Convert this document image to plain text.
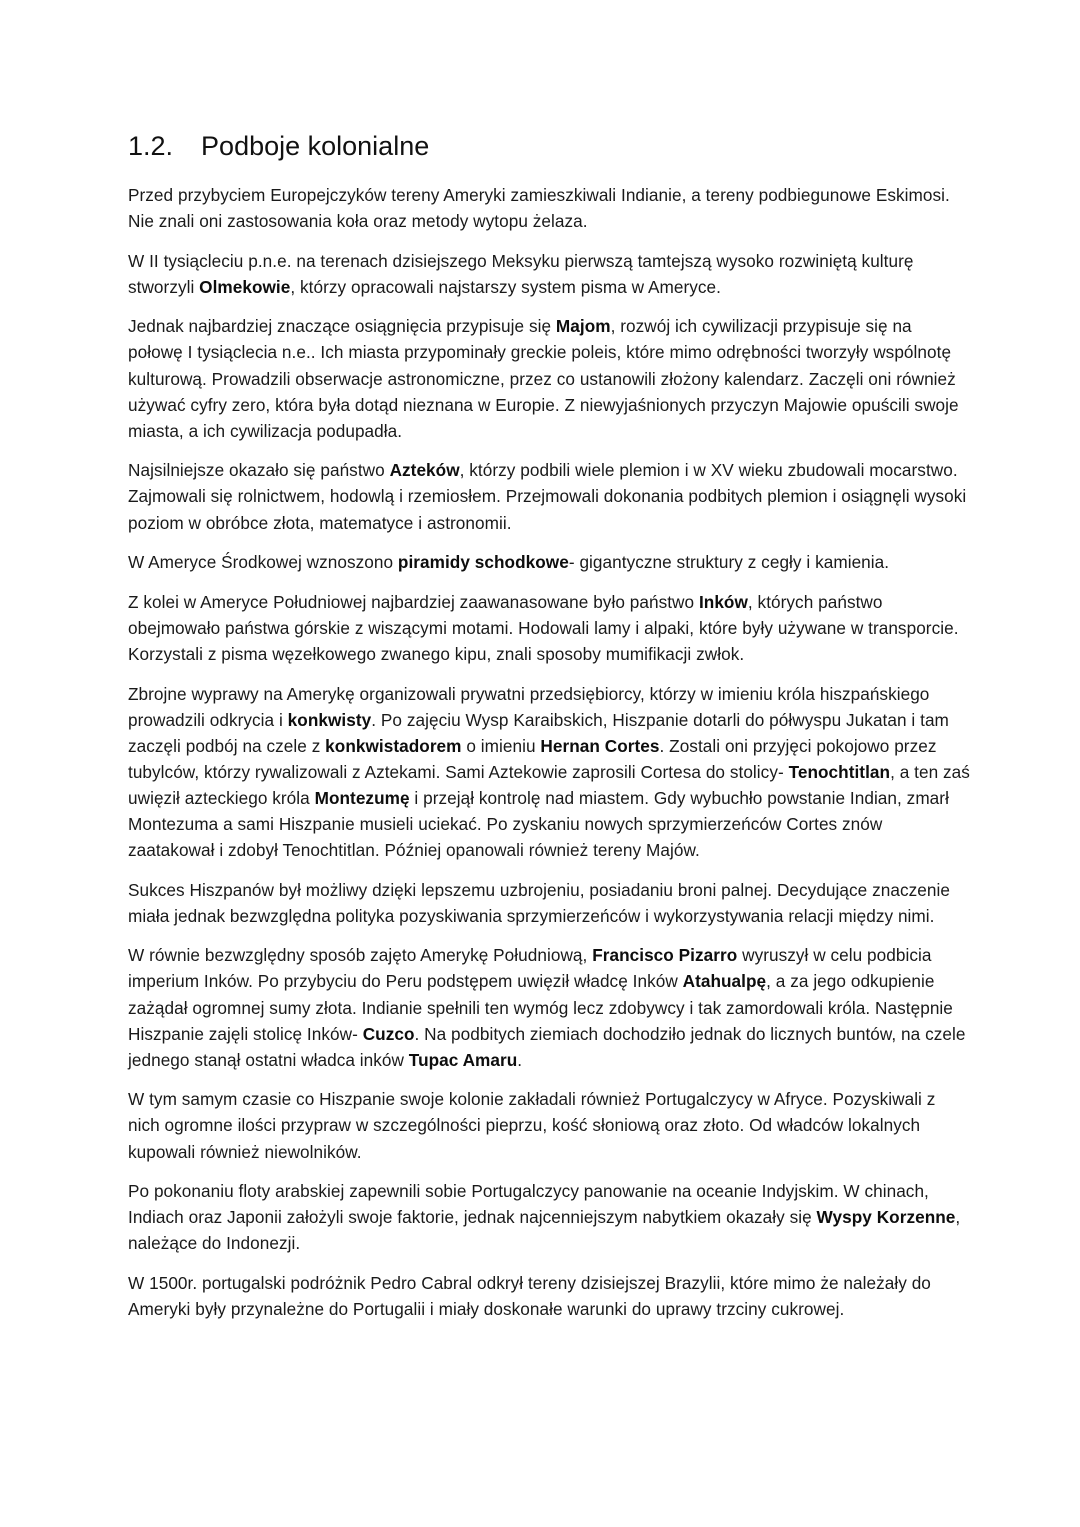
1.2. Podboje kolonialne

Przed przybyciem Europejczyków tereny Ameryki zamieszkiwali Indianie, a tereny podbiegunowe Eskimosi. Nie znali oni zastosowania koła oraz metody wytopu żelaza.

W II tysiącleciu p.n.e. na terenach dzisiejszego Meksyku pierwszą tamtejszą wysoko rozwiniętą kulturę stworzyli Olmekowie, którzy opracowali najstarszy system pisma w Ameryce.

Jednak najbardziej znaczące osiągnięcia przypisuje się Majom, rozwój ich cywilizacji przypisuje się na połowę I tysiąclecia n.e.. Ich miasta przypominały greckie poleis, które mimo odrębności tworzyły wspólnotę kulturową. Prowadzili obserwacje astronomiczne, przez co ustanowili złożony kalendarz. Zaczęli oni również używać cyfry zero, która była dotąd nieznana w Europie. Z niewyjaśnionych przyczyn Majowie opuścili swoje miasta, a ich cywilizacja podupadła.

Najsilniejsze okazało się państwo Azteków, którzy podbili wiele plemion i w XV wieku zbudowali mocarstwo. Zajmowali się rolnictwem, hodowlą i rzemiosłem. Przejmowali dokonania podbitych plemion i osiągnęli wysoki poziom w obróbce złota, matematyce i astronomii.

W Ameryce Środkowej wznoszono piramidy schodkowe- gigantyczne struktury z cegły i kamienia.

Z kolei w Ameryce Południowej najbardziej zaawanasowane było państwo Inków, których państwo obejmowało państwa górskie z wiszącymi motami. Hodowali lamy i alpaki, które były używane w transporcie. Korzystali z pisma węzełkowego zwanego kipu, znali sposoby mumifikacji zwłok.

Zbrojne wyprawy na Amerykę organizowali prywatni przedsiębiorcy, którzy w imieniu króla hiszpańskiego prowadzili odkrycia i konkwisty. Po zajęciu Wysp Karaibskich, Hiszpanie dotarli do półwyspu Jukatan i tam zaczęli podbój na czele z konkwistadorem o imieniu Hernan Cortes. Zostali oni przyjęci pokojowo przez tubylców, którzy rywalizowali z Aztekami. Sami Aztekowie zaprosili Cortesa do stolicy- Tenochtitlan, a ten zaś uwięził azteckiego króla Montezumę i przejął kontrolę nad miastem. Gdy wybuchło powstanie Indian, zmarł Montezuma a sami Hiszpanie musieli uciekać. Po zyskaniu nowych sprzymierzeńców Cortes znów zaatakował i zdobył Tenochtitlan. Później opanowali również tereny Majów.

Sukces Hiszpanów był możliwy dzięki lepszemu uzbrojeniu, posiadaniu broni palnej. Decydujące znaczenie miała jednak bezwzględna polityka pozyskiwania sprzymierzeńców i wykorzystywania relacji między nimi.

W równie bezwzględny sposób zajęto Amerykę Południową, Francisco Pizarro wyruszył w celu podbicia imperium Inków. Po przybyciu do Peru podstępem uwięził władcę Inków Atahualpę, a za jego odkupienie zażądał ogromnej sumy złota. Indianie spełnili ten wymóg lecz zdobywcy i tak zamordowali króla. Następnie Hiszpanie zajęli stolicę Inków- Cuzco. Na podbitych ziemiach dochodziło jednak do licznych buntów, na czele jednego stanął ostatni władca inków Tupac Amaru.

W tym samym czasie co Hiszpanie swoje kolonie zakładali również Portugalczycy w Afryce. Pozyskiwali z nich ogromne ilości przypraw w szczególności pieprzu, kość słoniową oraz złoto. Od władców lokalnych kupowali również niewolników.

Po pokonaniu floty arabskiej zapewnili sobie Portugalczycy panowanie na oceanie Indyjskim. W chinach, Indiach oraz Japonii założyli swoje faktorie, jednak najcenniejszym nabytkiem okazały się Wyspy Korzenne, należące do Indonezji.

W 1500r. portugalski podróżnik Pedro Cabral odkrył tereny dzisiejszej Brazylii, które mimo że należały do Ameryki były przynależne do Portugalii i miały doskonałe warunki do uprawy trzciny cukrowej.
